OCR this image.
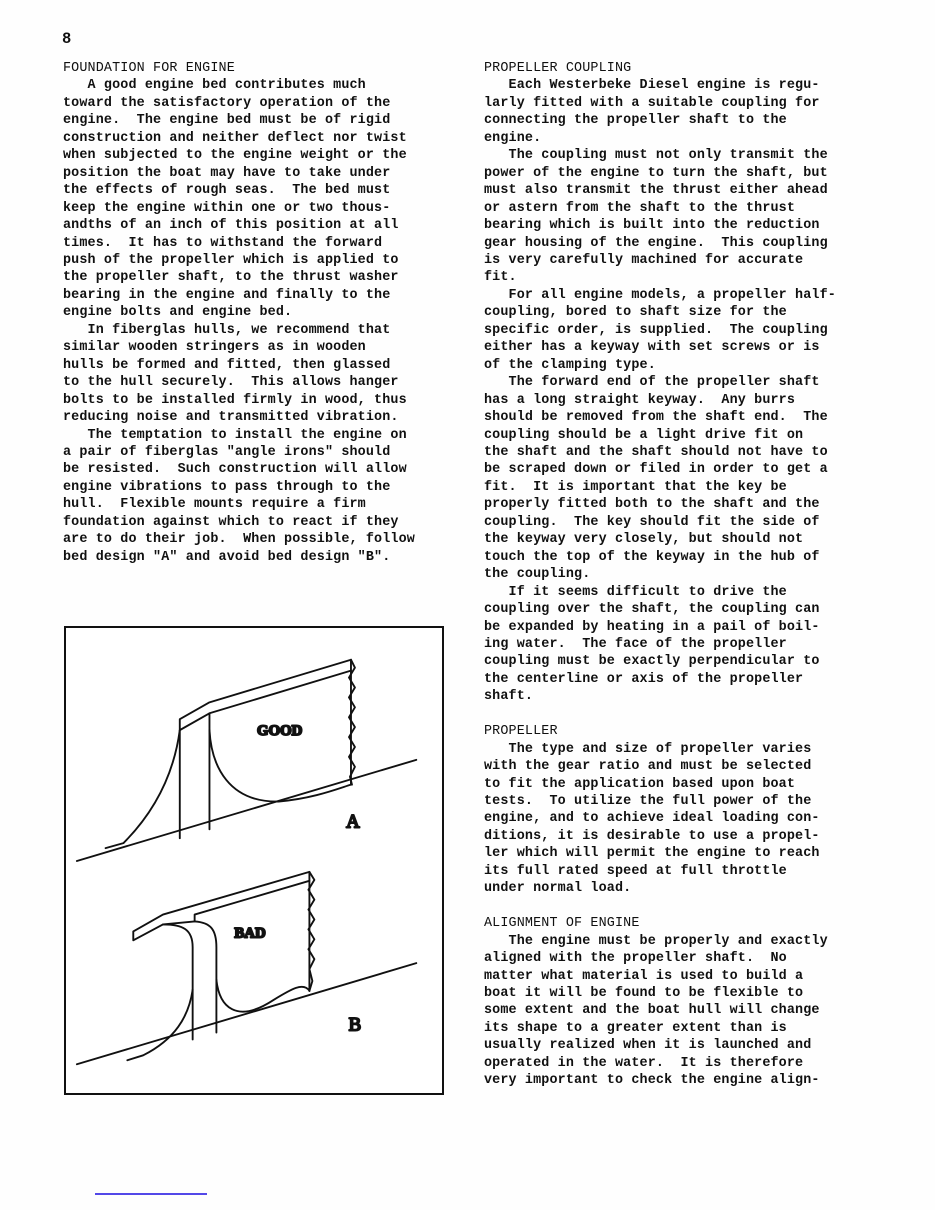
8
FOUNDATION FOR ENGINE
A good engine bed contributes much
toward the satisfactory operation of the
engine.  The engine bed must be of rigid
construction and neither deflect nor twist
when subjected to the engine weight or the
position the boat may have to take under
the effects of rough seas.  The bed must
keep the engine within one or two thous-
andths of an inch of this position at all
times.  It has to withstand the forward
push of the propeller which is applied to
the propeller shaft, to the thrust washer
bearing in the engine and finally to the
engine bolts and engine bed.
In fiberglas hulls, we recommend that
similar wooden stringers as in wooden
hulls be formed and fitted, then glassed
to the hull securely.  This allows hanger
bolts to be installed firmly in wood, thus
reducing noise and transmitted vibration.
The temptation to install the engine on
a pair of fiberglas "angle irons" should
be resisted.  Such construction will allow
engine vibrations to pass through to the
hull.  Flexible mounts require a firm
foundation against which to react if they
are to do their job.  When possible, follow
bed design "A" and avoid bed design "B".
PROPELLER COUPLING
Each Westerbeke Diesel engine is regu-
larly fitted with a suitable coupling for
connecting the propeller shaft to the
engine.
The coupling must not only transmit the
power of the engine to turn the shaft, but
must also transmit the thrust either ahead
or astern from the shaft to the thrust
bearing which is built into the reduction
gear housing of the engine.  This coupling
is very carefully machined for accurate
fit.
For all engine models, a propeller half-
coupling, bored to shaft size for the
specific order, is supplied.  The coupling
either has a keyway with set screws or is
of the clamping type.
The forward end of the propeller shaft
has a long straight keyway.  Any burrs
should be removed from the shaft end.  The
coupling should be a light drive fit on
the shaft and the shaft should not have to
be scraped down or filed in order to get a
fit.  It is important that the key be
properly fitted both to the shaft and the
coupling.  The key should fit the side of
the keyway very closely, but should not
touch the top of the keyway in the hub of
the coupling.
If it seems difficult to drive the
coupling over the shaft, the coupling can
be expanded by heating in a pail of boil-
ing water.  The face of the propeller
coupling must be exactly perpendicular to
the centerline or axis of the propeller
shaft.

PROPELLER
The type and size of propeller varies
with the gear ratio and must be selected
to fit the application based upon boat
tests.  To utilize the full power of the
engine, and to achieve ideal loading con-
ditions, it is desirable to use a propel-
ler which will permit the engine to reach
its full rated speed at full throttle
under normal load.

ALIGNMENT OF ENGINE
The engine must be properly and exactly
aligned with the propeller shaft.  No
matter what material is used to build a
boat it will be found to be flexible to
some extent and the boat hull will change
its shape to a greater extent than is
usually realized when it is launched and
operated in the water.  It is therefore
very important to check the engine align-
GOOD
A
BAD
B
